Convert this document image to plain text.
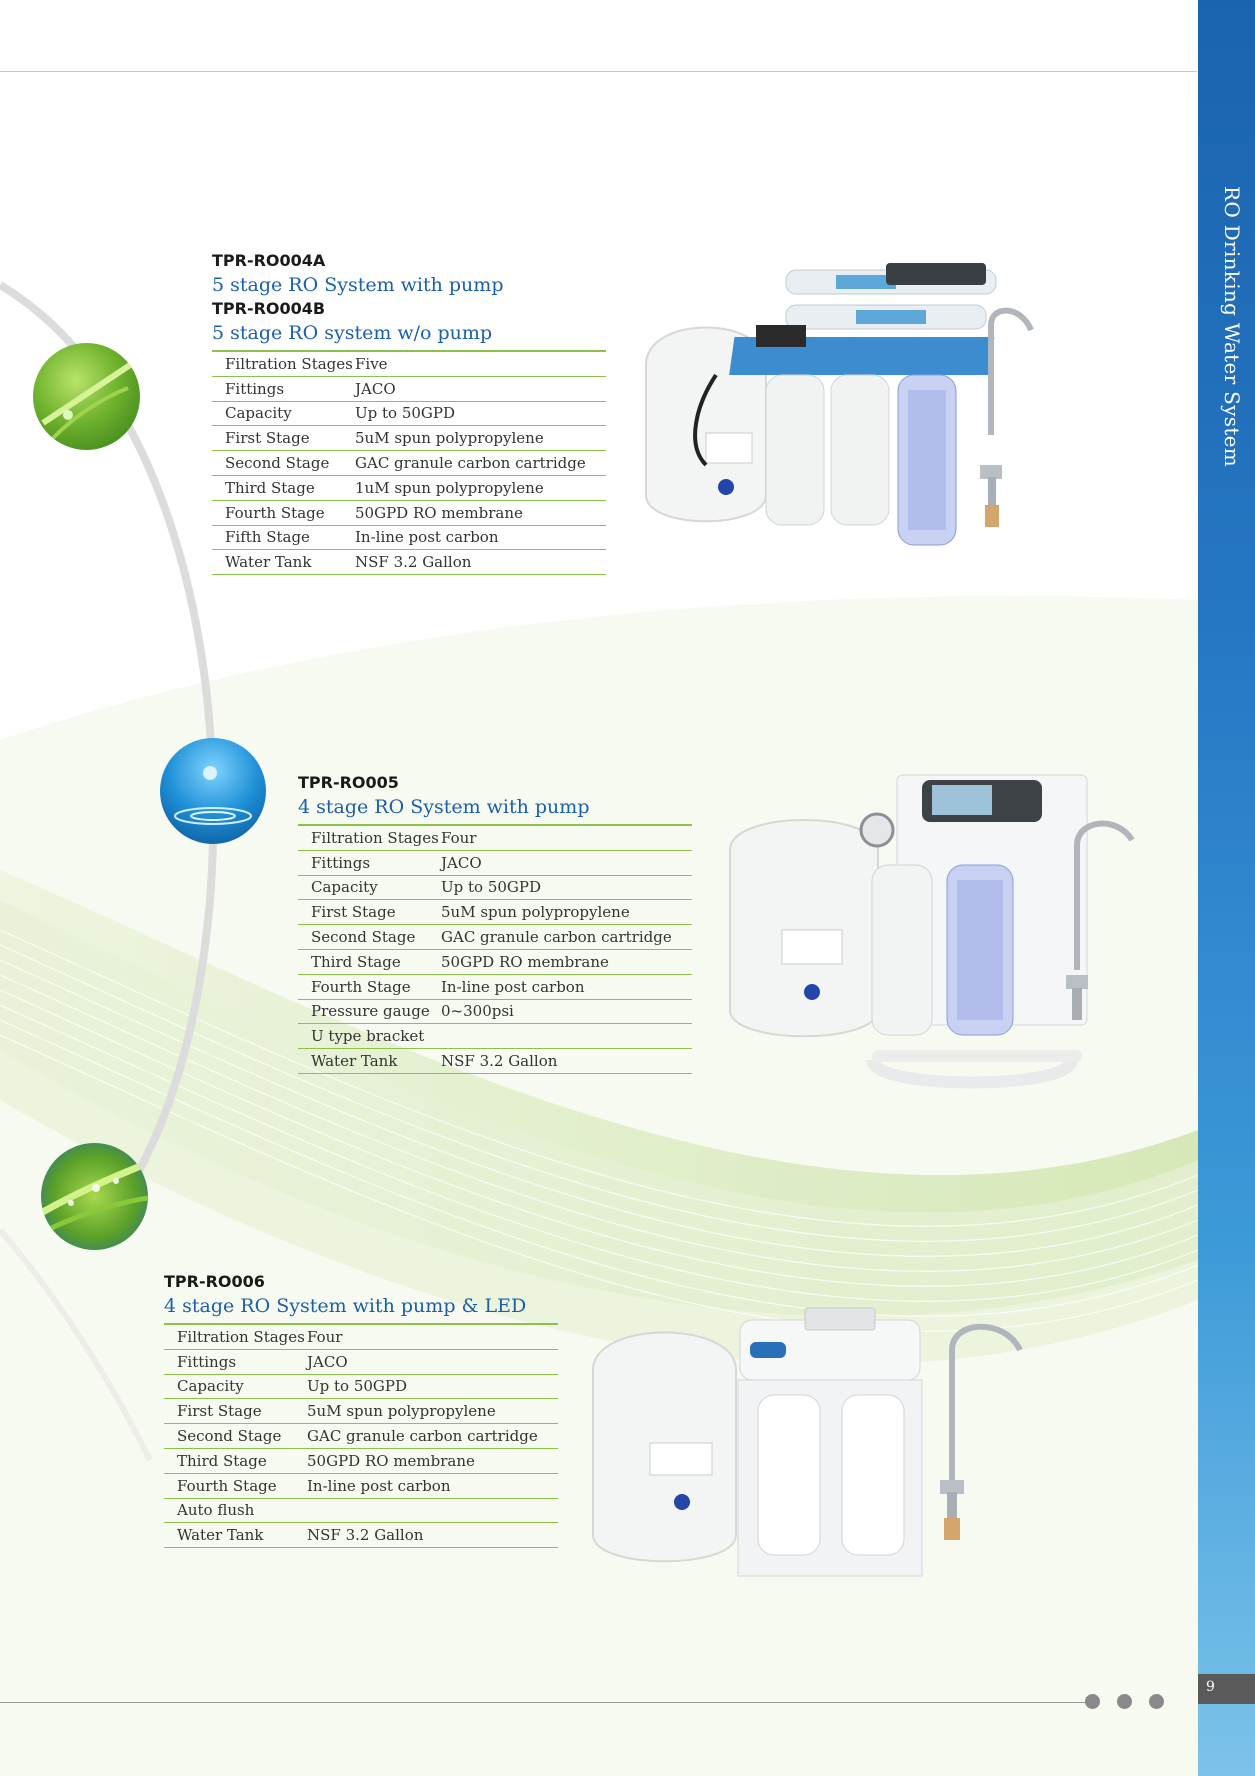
TPR-RO004A
5 stage RO System with pump
TPR-RO004B
5 stage RO system w/o pump
Filtration Stages Five
Fittings	JACO
Capacity	Up to 50GPD
First Stage	5uM spun polypropylene
Second Stage	GAC granule carbon cartridge
Third Stage	1uM spun polypropylene
Fourth Stage	50GPD RO membrane
Fifth Stage	In-line post carbon
Water Tank	NSF 3.2 Gallon
TPR-RO005
4 stage RO System with pump
Filtration Stages Four
Fittings	JACO
Capacity	Up to 50GPD
First Stage	5uM spun polypropylene
Second Stage	GAC granule carbon cartridge
Third Stage	50GPD RO membrane
Fourth Stage	In-line post carbon
Pressure gauge 0~300psi
U type bracket
Water Tank	NSF 3.2 Gallon
TPR-RO006
4 stage RO System with pump & LED
Filtration Stages Four
Fittings	JACO
Capacity	Up to 50GPD
First Stage	5uM spun polypropylene
Second Stage	GAC granule carbon cartridge
Third Stage	50GPD RO membrane
Fourth Stage	In-line post carbon
Auto flush
Water Tank	NSF 3.2 Gallon
RO Drinking Water System
9
